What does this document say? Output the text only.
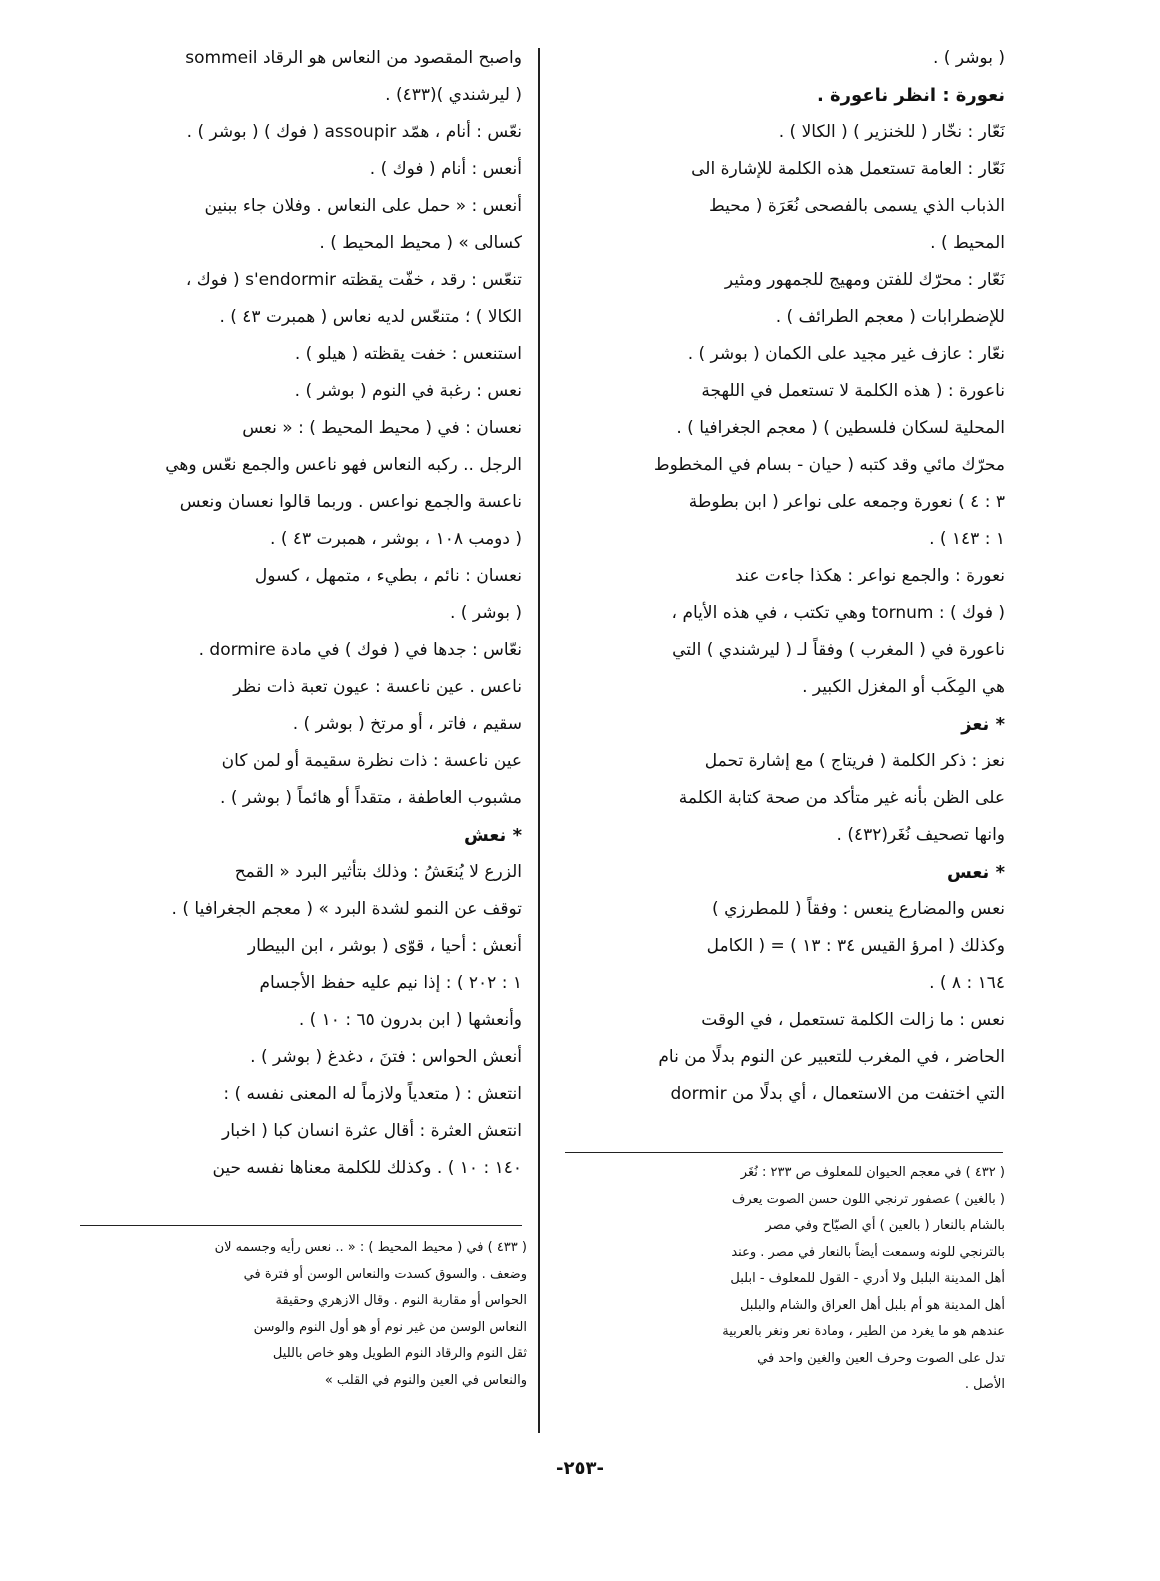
( بوشر ) .
نعورة : انظر ناعورة .
نَعّار : نخّار ( للخنزير ) ( الكالا ) .
نَعّار : العامة تستعمل هذه الكلمة للإشارة الى
الذباب الذي يسمى بالفصحى نُعَرَة ( محيط
المحيط ) .
نَعّار : محرّك للفتن ومهيج للجمهور ومثير
للإضطرابات ( معجم الطرائف ) .
نعّار : عازف غير مجيد على الكمان ( بوشر ) .
ناعورة : ( هذه الكلمة لا تستعمل في اللهجة
المحلية لسكان فلسطين ) ( معجم الجغرافيا ) .
محرّك مائي وقد كتبه ( حيان - بسام في المخطوط
٣ : ٤ ) نعورة وجمعه على نواعر ( ابن بطوطة
١ : ١٤٣ ) .
نعورة : والجمع نواعر : هكذا جاءت عند
( فوك ) : tornum وهي تكتب ، في هذه الأيام ،
ناعورة في ( المغرب ) وفقاً لـ ( ليرشندي ) التي
هي المِكَب أو المغزل الكبير .
* نعز
نعز : ذكر الكلمة ( فريتاج ) مع إشارة تحمل
على الظن بأنه غير متأكد من صحة كتابة الكلمة
وانها تصحيف نُغَر(٤٣٢) .
* نعس
نعس والمضارع ينعس : وفقاً ( للمطرزي )
وكذلك ( امرؤ القيس ٣٤ : ١٣ ) = ( الكامل
١٦٤ : ٨ ) .
نعس : ما زالت الكلمة تستعمل ، في الوقت
الحاضر ، في المغرب للتعبير عن النوم بدلًا من نام
التي اختفت من الاستعمال ، أي بدلًا من dormir
واصبح المقصود من النعاس هو الرقاد sommeil
( ليرشندي )(٤٣٣) .
نعّس : أنام ، همّد assoupir ( فوك ) ( بوشر ) .
أنعس : أنام ( فوك ) .
أنعس : « حمل على النعاس . وفلان جاء ببنين
كسالى » ( محيط المحيط ) .
تنعّس : رقد ، خفّت يقظته s'endormir ( فوك ،
الكالا ) ؛ متنعّس لديه نعاس ( همبرت ٤٣ ) .
استنعس : خفت يقظته ( هيلو ) .
نعس : رغبة في النوم ( بوشر ) .
نعسان : في ( محيط المحيط ) : « نعس
الرجل .. ركبه النعاس فهو ناعس والجمع نعّس وهي
ناعسة والجمع نواعس . وربما قالوا نعسان ونعس
( دومب ١٠٨ ، بوشر ، همبرت ٤٣ ) .
نعسان : نائم ، بطيء ، متمهل ، كسول
( بوشر ) .
نعّاس : جدها في ( فوك ) في مادة dormire .
ناعس . عين ناعسة : عيون تعبة ذات نظر
سقيم ، فاتر ، أو مرتخ ( بوشر ) .
عين ناعسة : ذات نظرة سقيمة أو لمن كان
مشبوب العاطفة ، متقداً أو هائماً ( بوشر ) .
* نعش
الزرع لا يُنعَشُ : وذلك بتأثير البرد « القمح
توقف عن النمو لشدة البرد » ( معجم الجغرافيا ) .
أنعش : أحيا ، قوّى ( بوشر ، ابن البيطار
١ : ٢٠٢ ) : إذا نيم عليه حفظ الأجسام
وأنعشها ( ابن بدرون ٦٥ : ١٠ ) .
أنعش الحواس : فتنَ ، دغدغ ( بوشر ) .
انتعش : ( متعدياً ولازماً له المعنى نفسه ) :
انتعش العثرة : أقال عثرة انسان كبا ( اخبار
١٤٠ : ١٠ ) . وكذلك للكلمة معناها نفسه حين	( ٤٣٢ ) في معجم الحيوان للمعلوف ص ٢٣٣ : نُغَر
( بالغين ) عصفور ترنجي اللون حسن الصوت يعرف
بالشام بالنعار ( بالعين ) أي الصيّاح وفي مصر
بالترنجي للونه وسمعت أيضاً بالنعار في مصر . وعند
أهل المدينة البلبل ولا أدري - القول للمعلوف - ابلبل
أهل المدينة هو أم بلبل أهل العراق والشام والبلبل
عندهم هو ما يغرد من الطير ، ومادة نعر ونغر بالعربية
تدل على الصوت وحرف العين والغين واحد في
الأصل .
( ٤٣٣ ) في ( محيط المحيط ) : « .. نعس رأيه وجسمه لان
وضعف . والسوق كسدت والنعاس الوسن أو فترة في
الحواس أو مقاربة النوم . وقال الازهري وحقيقة
النعاس الوسن من غير نوم أو هو أول النوم والوسن
ثقل النوم والرقاد النوم الطويل وهو خاص بالليل
والنعاس في العين والنوم في القلب »
-٢٥٣-
